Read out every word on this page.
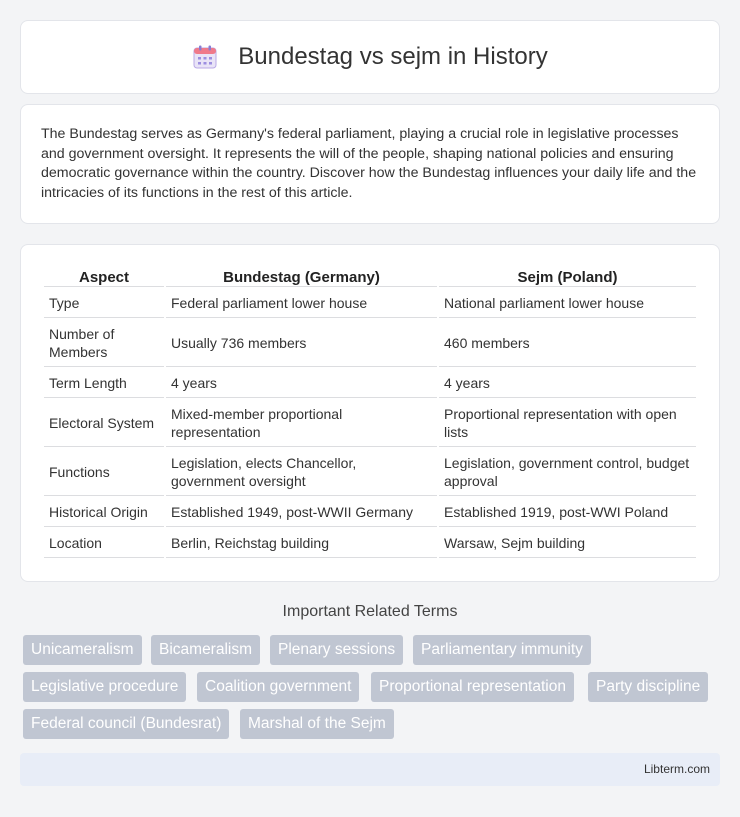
Bundestag vs sejm in History

The Bundestag serves as Germany's federal parliament, playing a crucial role in legislative processes and government oversight. It represents the will of the people, shaping national policies and ensuring democratic governance within the country. Discover how the Bundestag influences your daily life and the intricacies of its functions in the rest of this article.

Aspect	Bundestag (Germany)	Sejm (Poland)
Type	Federal parliament lower house	National parliament lower house
Number of Members	Usually 736 members	460 members
Term Length	4 years	4 years
Electoral System	Mixed-member proportional representation	Proportional representation with open lists
Functions	Legislation, elects Chancellor, government oversight	Legislation, government control, budget approval
Historical Origin	Established 1949, post-WWII Germany	Established 1919, post-WWI Poland
Location	Berlin, Reichstag building	Warsaw, Sejm building
Important Related Terms
Unicameralism	Bicameralism	Plenary sessions	Parliamentary immunity
Legislative procedure	Coalition government	Proportional representation	Party discipline
Federal council (Bundesrat)	Marshal of the Sejm
Libterm.com
